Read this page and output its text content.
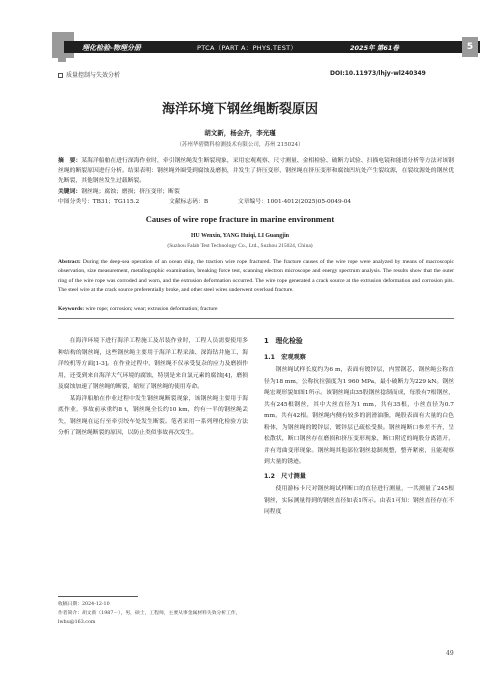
理化检验-物理分册	PTCA（PART A：PHYS.TEST）	2025年 第61卷	5
质量控制与失效分析	DOI:10.11973/lhjy-wl240349
海洋环境下钢丝绳断裂原因
胡文新，杨会齐，李光瑾
（苏州华碧微科检测技术有限公司，苏州 215024）
摘　要：某海洋船舶在进行深海作业时，牵引钢丝绳发生断裂现象，采用宏观观察、尺寸测量、金相检验、破断力试验、扫描电镜和能谱分析等方法对该钢丝绳的断裂原因进行分析。结果表明：钢丝绳外圈受到腐蚀及磨损，并发生了挤压变形，钢丝绳在挤压变形和腐蚀凹坑处产生裂纹源，在裂纹源处的钢丝优先断裂，其他钢丝发生过载断裂。
关键词：钢丝绳；腐蚀；磨损；挤压变形；断裂
中图分类号：TB31；TG115.2	文献标志码：B	文章编号：1001-4012(2025)05-0049-04
Causes of wire rope fracture in marine environment
HU Wenxin, YANG Huiqi, LI Guangjin
(Suzhou Falab Test Technology Co., Ltd., Suzhou 215024, China)
Abstract: During the deep-sea operation of an ocean ship, the traction wire rope fractured. The fracture causes of the wire rope were analyzed by means of macroscopic observation, size measurement, metallographic examination, breaking force test, scanning electron microscope and energy spectrum analysis. The results show that the outer ring of the wire rope was corroded and worn, and the extrusion deformation occurred. The wire rope generated a crack source at the extrusion deformation and corrosion pits. The steel wire at the crack source preferentially broke, and other steel wires underwent overload fracture.
Keywords: wire rope; corrosion; wear; extrusion deformation; fracture

在海洋环境下进行海洋工程施工及吊装作业时，工程人员需要使用多种结构的钢丝绳，这些钢丝绳主要用于海洋工程采油、深海钻井施工、海洋绞机等方面[1-3]。在作业过程中，钢丝绳不仅承受复杂的应力及磨损作用，还受到来自海洋大气环境的腐蚀，特别是来自氯元素的腐蚀[4]，磨损及腐蚀加速了钢丝绳的断裂，缩短了钢丝绳的使用寿命。

某海洋船舶在作业过程中发生钢丝绳断裂现象，该钢丝绳主要用于海底作业，事故前承重约8 t，钢丝绳全长约10 km，约有一半的钢丝绳丢失，钢丝绳在运行至牵引绞车处发生断裂。笔者采用一系列理化检验方法分析了钢丝绳断裂的原因，以防止类似事故再次发生。

1　理化检验
1.1　宏观观察

钢丝绳试样长度约为6 m，表面有镀锌层，内置钢芯，钢丝绳公称直径为18 mm，公称抗拉强度为1 960 MPa，最小破断力为229 kN。钢丝绳宏观形貌如图1所示。该钢丝绳由35股钢丝捻制而成，每股有7根钢丝，共有245根钢丝，其中大丝直径为1 mm，共有35根，小丝直径为0.7 mm，共有42根。钢丝绳内侧有较多的润滑油脂，绳股表面有大量的白色粉体，为钢丝绳的镀锌层，镀锌层已疏松受损。钢丝绳断口参差不齐，呈松散状，断口钢丝存在磨损和挤压变形现象，断口附近的绳股分离错开，并有弯曲变形现象。钢丝绳其他部位钢丝捻制规整，整齐紧密，且能观察到大量的锈迹。

1.2　尺寸测量

使用游标卡尺对钢丝绳试样断口的直径进行测量，一共测量了245根钢丝，实际测量得到的钢丝直径如表1所示。由表1可知：钢丝直径存在不同程度

收稿日期：2024-12-10
作者简介：胡文新（1987－），男，硕士，工程师，主要从事金属材料失效分析工作，lwhu@163.com
49
